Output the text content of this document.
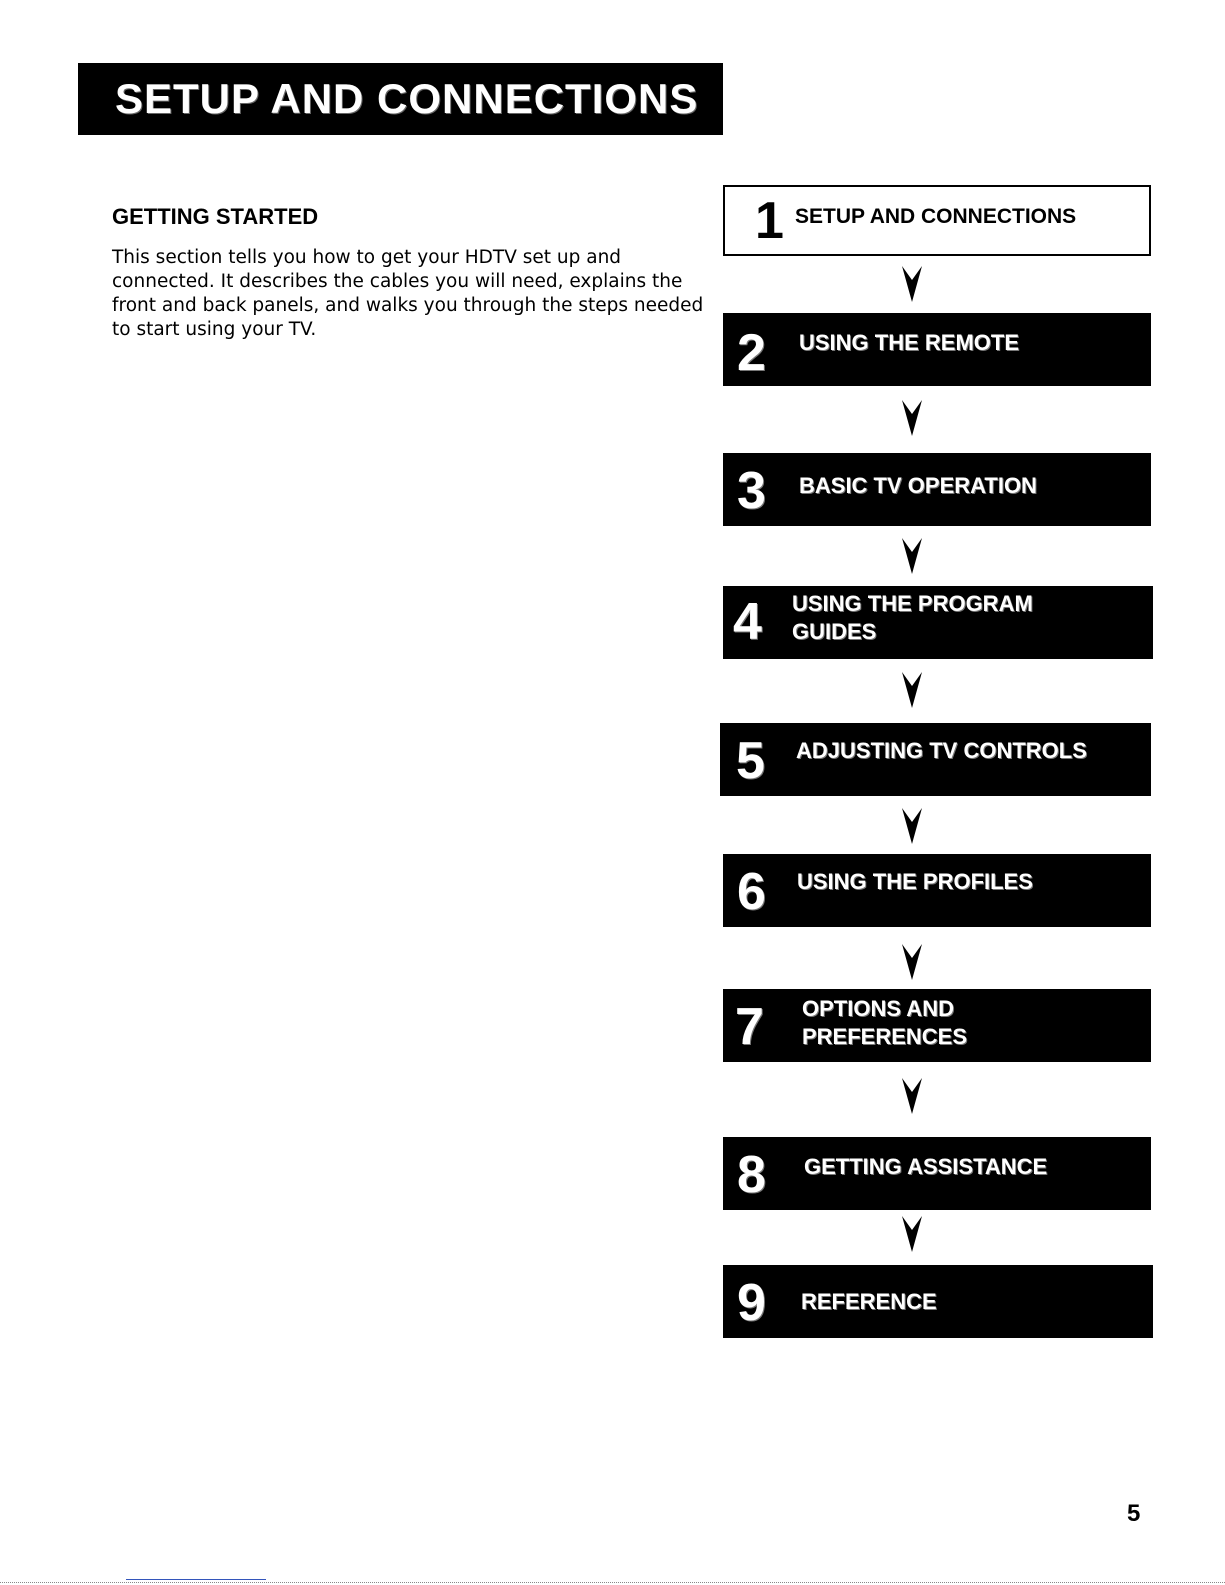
SETUP AND CONNECTIONS
GETTING STARTED
This section tells you how to get your HDTV set up and connected. It describes the cables you will need, explains the front and back panels, and walks you through the steps needed to start using your TV.
1 SETUP AND CONNECTIONS
2 USING THE REMOTE
3 BASIC TV OPERATION
4 USING THE PROGRAM GUIDES
5 ADJUSTING TV CONTROLS
6 USING THE PROFILES
7 OPTIONS AND PREFERENCES
8 GETTING ASSISTANCE
9 REFERENCE
5
